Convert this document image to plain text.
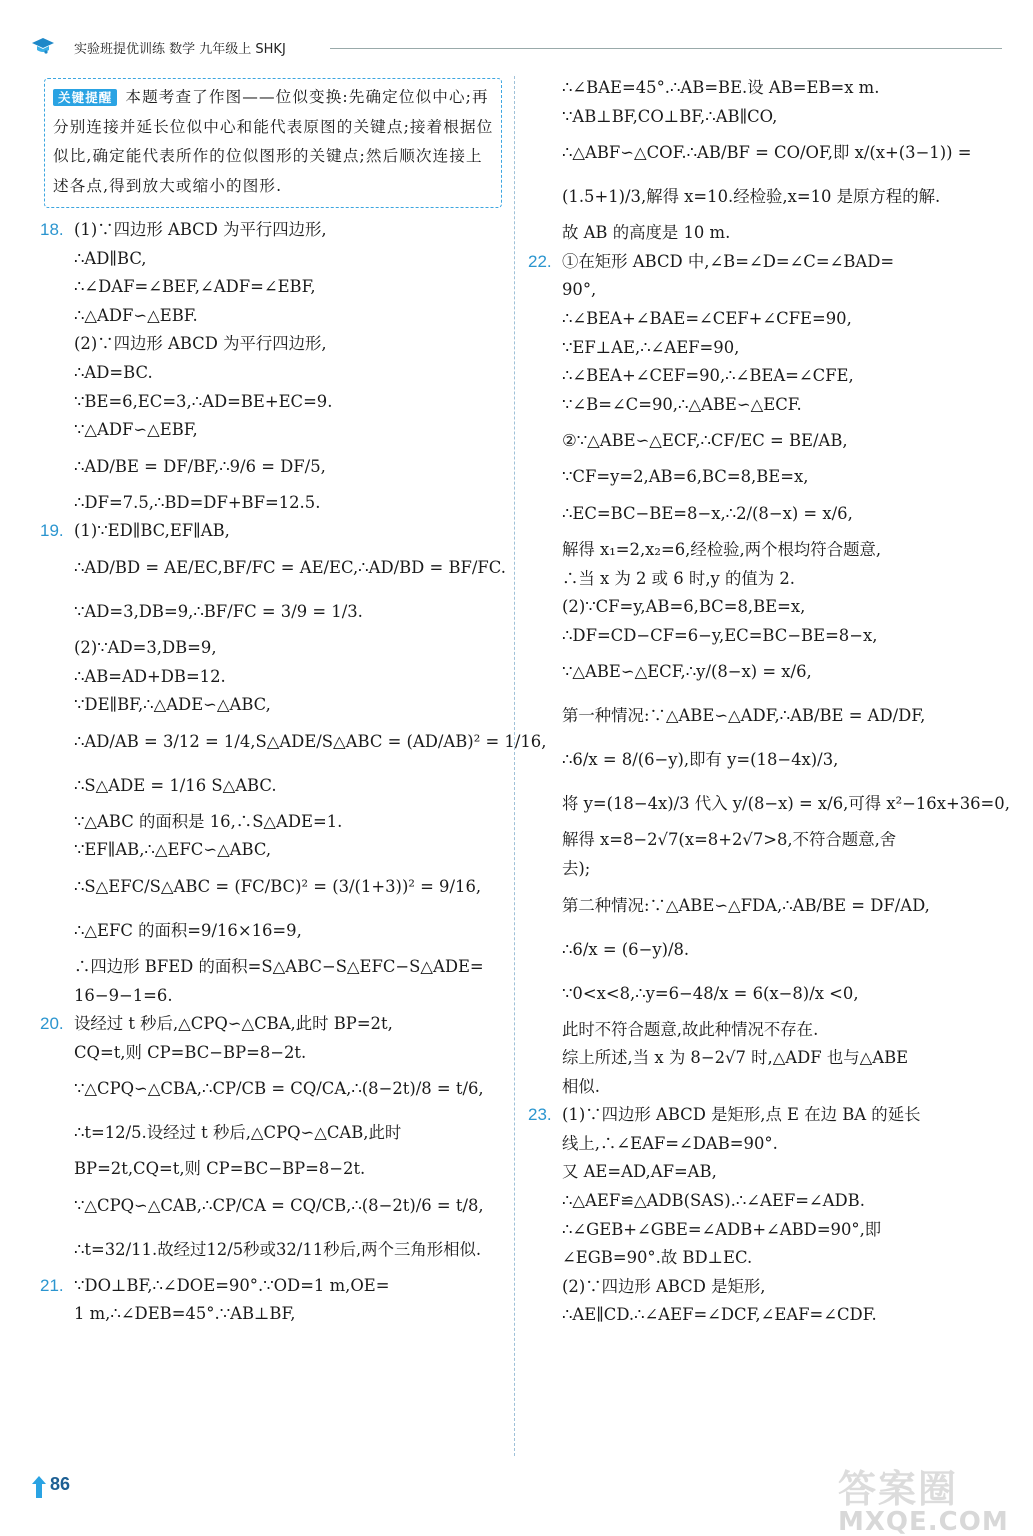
实验班提优训练 数学 九年级上 SHKJ
关键提醒 本题考查了作图——位似变换:先确定位似中心;再分别连接并延长位似中心和能代表原图的关键点;接着根据位似比,确定能代表所作的位似图形的关键点;然后顺次连接上述各点,得到放大或缩小的图形.
18. (1)∵四边形 ABCD 为平行四边形,
∴AD∥BC,
∴∠DAF=∠BEF,∠ADF=∠EBF,
∴△ADF∽△EBF.
(2)∵四边形 ABCD 为平行四边形,
∴AD=BC.
∵BE=6,EC=3,∴AD=BE+EC=9.
∵△ADF∽△EBF,
∴AD/BE = DF/BF,∴9/6 = DF/5,
∴DF=7.5,∴BD=DF+BF=12.5.
19. (1)∵ED∥BC,EF∥AB,
∴AD/BD = AE/EC,BF/FC = AE/EC,∴AD/BD = BF/FC.
∵AD=3,DB=9,∴BF/FC = 3/9 = 1/3.
(2)∵AD=3,DB=9,
∴AB=AD+DB=12.
∵DE∥BF,∴△ADE∽△ABC,
∴AD/AB = 3/12 = 1/4,S△ADE/S△ABC = (AD/AB)² = 1/16,
∴S△ADE = 1/16 S△ABC.
∵△ABC 的面积是 16,∴S△ADE=1.
∵EF∥AB,∴△EFC∽△ABC,
∴S△EFC/S△ABC = (FC/BC)² = (3/(1+3))² = 9/16,
∴△EFC 的面积=9/16×16=9,
∴四边形 BFED 的面积=S△ABC−S△EFC−S△ADE=
16−9−1=6.
20. 设经过 t 秒后,△CPQ∽△CBA,此时 BP=2t,
CQ=t,则 CP=BC−BP=8−2t.
∵△CPQ∽△CBA,∴CP/CB = CQ/CA,∴(8−2t)/8 = t/6,
∴t=12/5.设经过 t 秒后,△CPQ∽△CAB,此时
BP=2t,CQ=t,则 CP=BC−BP=8−2t.
∵△CPQ∽△CAB,∴CP/CA = CQ/CB,∴(8−2t)/6 = t/8,
∴t=32/11.故经过12/5秒或32/11秒后,两个三角形相似.
21. ∵DO⊥BF,∴∠DOE=90°.∵OD=1 m,OE=
1 m,∴∠DEB=45°.∵AB⊥BF,
∴∠BAE=45°.∴AB=BE.设 AB=EB=x m.
∵AB⊥BF,CO⊥BF,∴AB∥CO,
∴△ABF∽△COF.∴AB/BF = CO/OF,即 x/(x+(3−1)) =
(1.5+1)/3,解得 x=10.经检验,x=10 是原方程的解.
故 AB 的高度是 10 m.
22. ①在矩形 ABCD 中,∠B=∠D=∠C=∠BAD=
90°,
∴∠BEA+∠BAE=∠CEF+∠CFE=90,
∵EF⊥AE,∴∠AEF=90,
∴∠BEA+∠CEF=90,∴∠BEA=∠CFE,
∵∠B=∠C=90,∴△ABE∽△ECF.
②∵△ABE∽△ECF,∴CF/EC = BE/AB,
∵CF=y=2,AB=6,BC=8,BE=x,
∴EC=BC−BE=8−x,∴2/(8−x) = x/6,
解得 x₁=2,x₂=6,经检验,两个根均符合题意,
∴当 x 为 2 或 6 时,y 的值为 2.
(2)∵CF=y,AB=6,BC=8,BE=x,
∴DF=CD−CF=6−y,EC=BC−BE=8−x,
∵△ABE∽△ECF,∴y/(8−x) = x/6,
第一种情况:∵△ABE∽△ADF,∴AB/BE = AD/DF,
∴6/x = 8/(6−y),即有 y=(18−4x)/3,
将 y=(18−4x)/3 代入 y/(8−x) = x/6,可得 x²−16x+36=0,
解得 x=8−2√7(x=8+2√7>8,不符合题意,舍
去);
第二种情况:∵△ABE∽△FDA,∴AB/BE = DF/AD,
∴6/x = (6−y)/8.
∵0<x<8,∴y=6−48/x = 6(x−8)/x <0,
此时不符合题意,故此种情况不存在.
综上所述,当 x 为 8−2√7 时,△ADF 也与△ABE
相似.
23. (1)∵四边形 ABCD 是矩形,点 E 在边 BA 的延长
线上,∴∠EAF=∠DAB=90°.
又 AE=AD,AF=AB,
∴△AEF≌△ADB(SAS).∴∠AEF=∠ADB.
∴∠GEB+∠GBE=∠ADB+∠ABD=90°,即
∠EGB=90°.故 BD⊥EC.
(2)∵四边形 ABCD 是矩形,
∴AE∥CD.∴∠AEF=∠DCF,∠EAF=∠CDF.
86	答案圈
MXQE.COM
